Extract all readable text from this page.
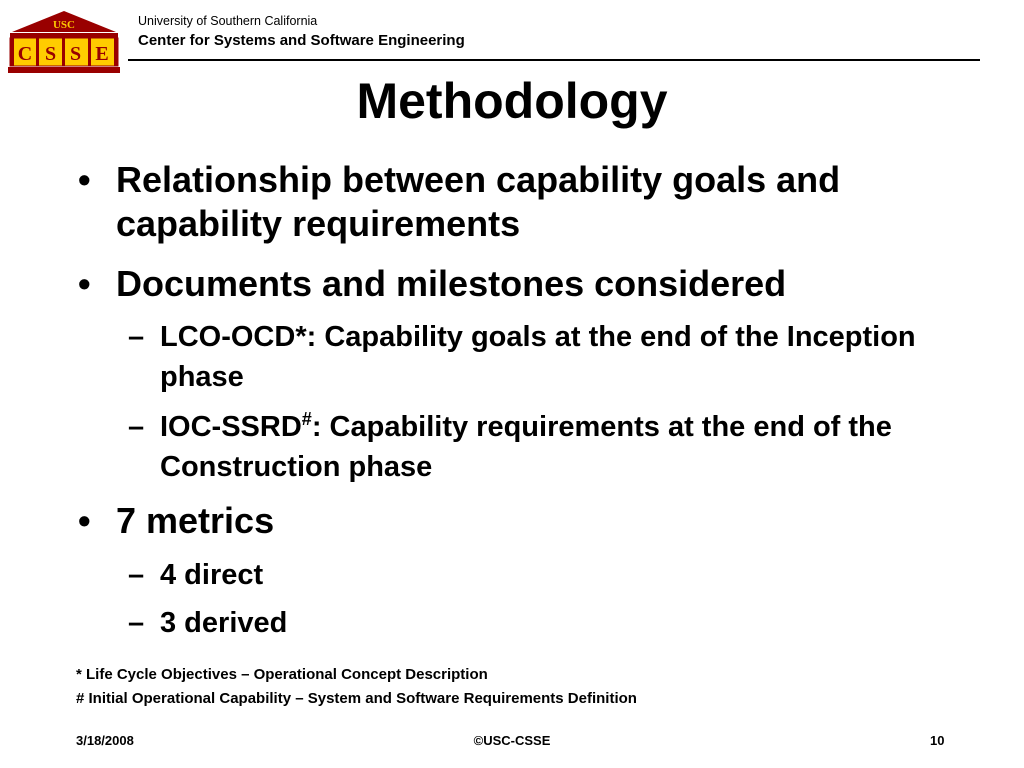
USC
C S S E
University of Southern California
Center for Systems and Software Engineering
Methodology
• Relationship between capability goals and capability requirements
• Documents and milestones considered
– LCO-OCD*: Capability goals at the end of the Inception phase
– IOC-SSRD#: Capability requirements at the end of the Construction phase
• 7 metrics
– 4 direct
– 3 derived
* Life Cycle Objectives – Operational Concept Description
# Initial Operational Capability – System and Software Requirements Definition
3/18/2008	©USC-CSSE	10
